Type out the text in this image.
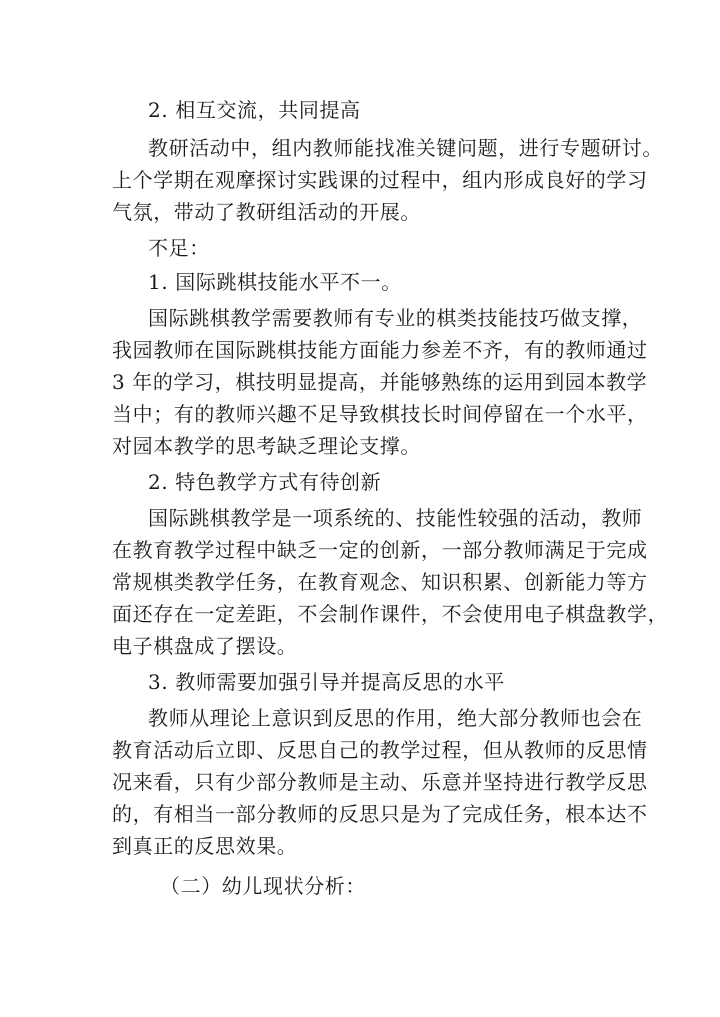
2. 相互交流，共同提高
教研活动中，组内教师能找准关键问题，进行专题研讨。
上个学期在观摩探讨实践课的过程中，组内形成良好的学习
气氛，带动了教研组活动的开展。
不足：
1. 国际跳棋技能水平不一。
国际跳棋教学需要教师有专业的棋类技能技巧做支撑，
我园教师在国际跳棋技能方面能力参差不齐，有的教师通过
3 年的学习，棋技明显提高，并能够熟练的运用到园本教学
当中；有的教师兴趣不足导致棋技长时间停留在一个水平，
对园本教学的思考缺乏理论支撑。
2. 特色教学方式有待创新
国际跳棋教学是一项系统的、技能性较强的活动，教师
在教育教学过程中缺乏一定的创新，一部分教师满足于完成
常规棋类教学任务，在教育观念、知识积累、创新能力等方
面还存在一定差距，不会制作课件，不会使用电子棋盘教学，
电子棋盘成了摆设。
3. 教师需要加强引导并提高反思的水平
教师从理论上意识到反思的作用，绝大部分教师也会在
教育活动后立即、反思自己的教学过程，但从教师的反思情
况来看，只有少部分教师是主动、乐意并坚持进行教学反思
的，有相当一部分教师的反思只是为了完成任务，根本达不
到真正的反思效果。
（二）幼儿现状分析：
